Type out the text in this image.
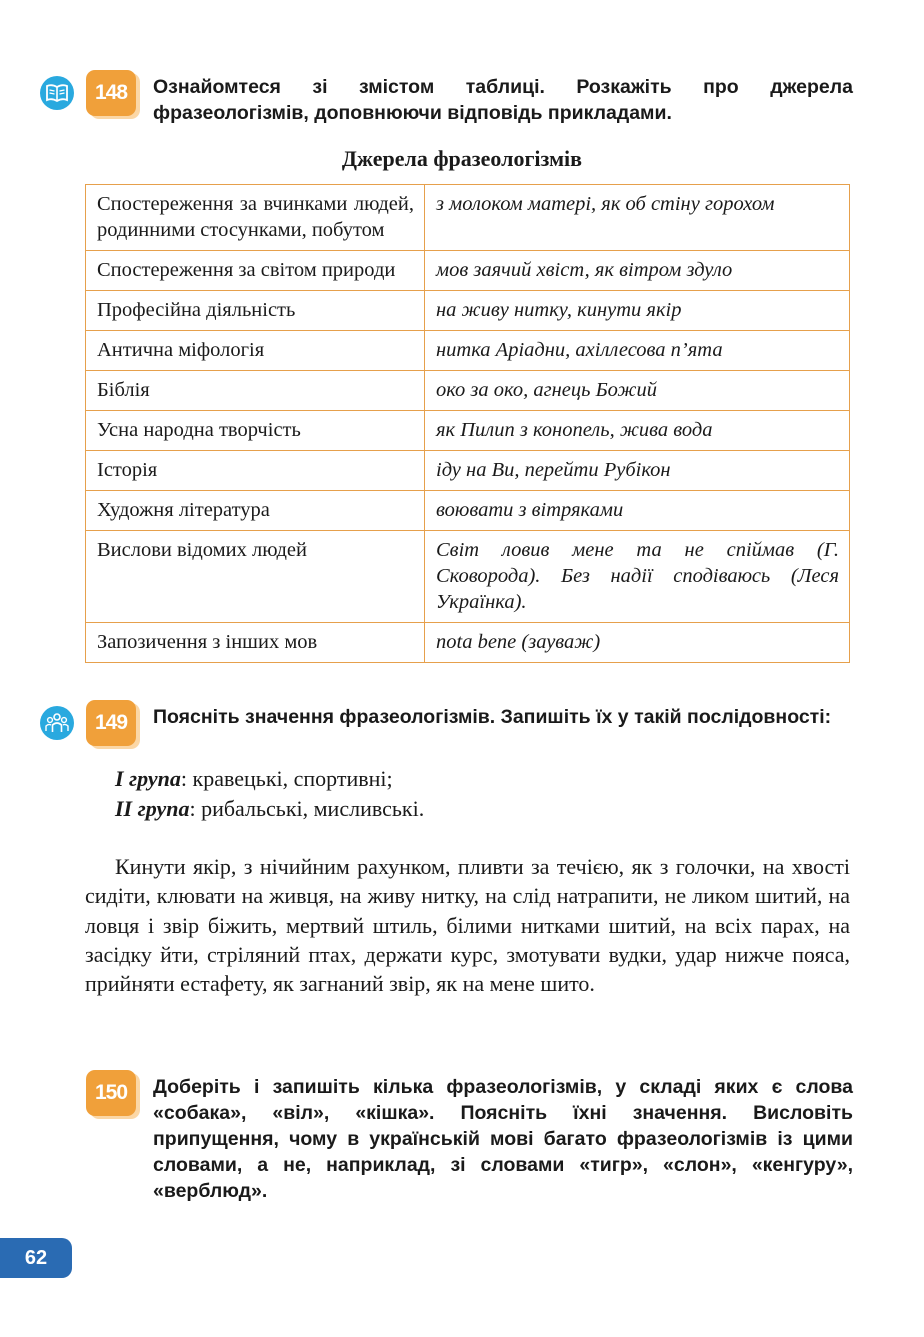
148	Ознайомтеся зі змістом таблиці. Розкажіть про джерела фразеологізмів, доповнюючи відповідь прикладами.
Джерела фразеологізмів
Спостереження за вчинками людей, родинними стосунками, побутом	з молоком матері, як об стіну горохом
Спостереження за світом природи	мов заячий хвіст, як вітром здуло
Професійна діяльність	на живу нитку, кинути якір
Антична міфологія	нитка Аріадни, ахіллесова п’ята
Біблія	око за око, агнець Божий
Усна народна творчість	як Пилип з конопель, жива вода
Історія	іду на Ви, перейти Рубікон
Художня література	воювати з вітряками
Вислови відомих людей	Світ ловив мене та не спіймав (Г. Сковорода). Без надії сподіваюсь (Леся Українка).
Запозичення з інших мов	nota bene (зауваж)
149	Поясніть значення фразеологізмів. Запишіть їх у такій послідовності:
I група: кравецькі, спортивні;
II група: рибальські, мисливські.
Кинути якір, з нічийним рахунком, пливти за течією, як з голочки, на хвості сидіти, клювати на живця, на живу нитку, на слід натрапити, не ликом шитий, на ловця і звір біжить, мертвий штиль, білими нитками шитий, на всіх парах, на засідку йти, стріляний птах, держати курс, змотувати вудки, удар нижче пояса, прийняти естафету, як загнаний звір, як на мене шито.
150	Доберіть і запишіть кілька фразеологізмів, у складі яких є слова «собака», «віл», «кішка». Поясніть їхні значення. Висловіть припущення, чому в українській мові багато фразеологізмів із цими словами, а не, наприклад, зі словами «тигр», «слон», «кенгуру», «верблюд».
62
